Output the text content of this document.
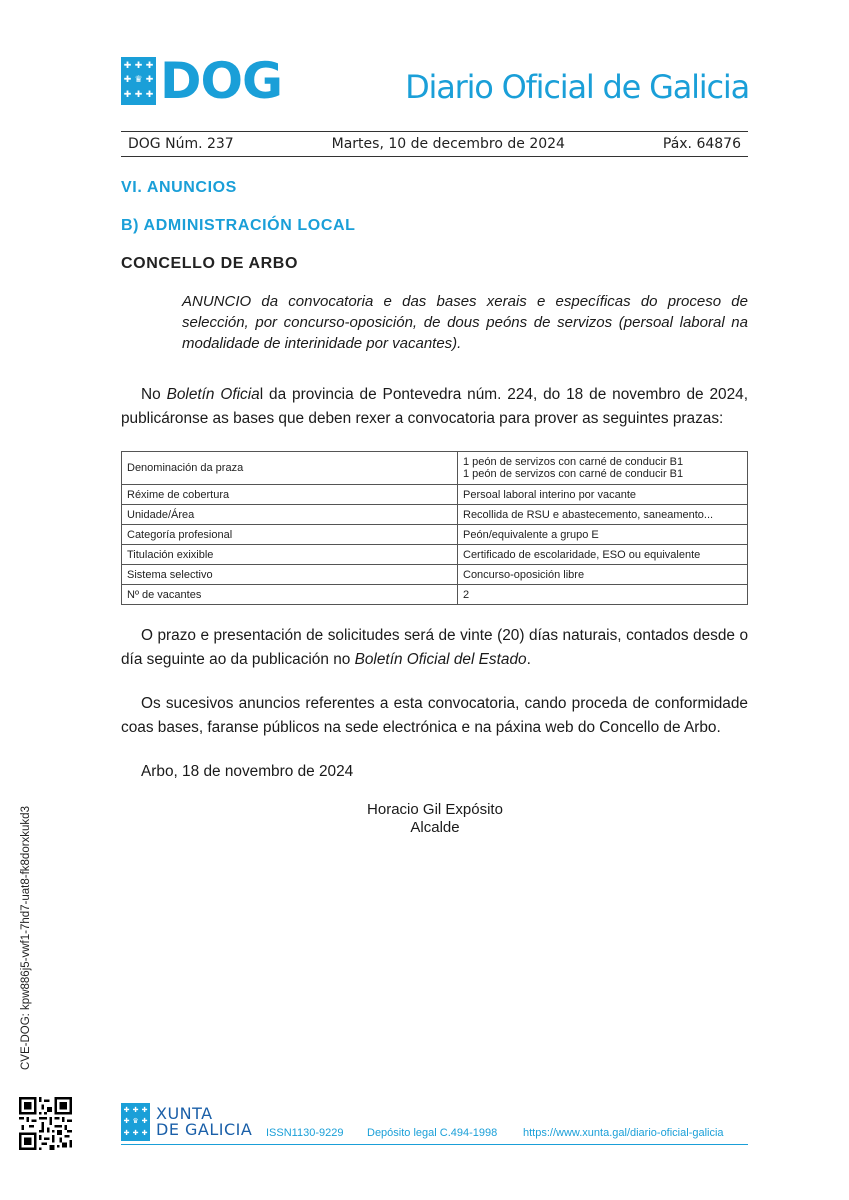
✚ ✚ ✚
✚ ♛ ✚
✚ ✚ ✚ DOG	Diario Oficial de Galicia
DOG Núm. 237	Martes, 10 de decembro de 2024	Páx. 64876
VI. ANUNCIOS
B) ADMINISTRACIÓN LOCAL
CONCELLO DE ARBO
ANUNCIO da convocatoria e das bases xerais e específicas do proceso de selección, por concurso-oposición, de dous peóns de servizos (persoal laboral na modalidade de interinidade por vacantes).
No Boletín Oficial da provincia de Pontevedra núm. 224, do 18 de novembro de 2024, publicáronse as bases que deben rexer a convocatoria para prover as seguintes prazas:
Denominación da praza	1 peón de servizos con carné de conducir B1
1 peón de servizos con carné de conducir B1

Réxime de cobertura	Persoal laboral interino por vacante
Unidade/Área	Recollida de RSU e abastecemento, saneamento...
Categoría profesional	Peón/equivalente a grupo E
Titulación exixible	Certificado de escolaridade, ESO ou equivalente
Sistema selectivo	Concurso-oposición libre
Nº de vacantes	2
O prazo e presentación de solicitudes será de vinte (20) días naturais, contados desde o día seguinte ao da publicación no Boletín Oficial del Estado.
Os sucesivos anuncios referentes a esta convocatoria, cando proceda de conformidade coas bases, faranse públicos na sede electrónica e na páxina web do Concello de Arbo.
Arbo, 18 de novembro de 2024
Horacio Gil Expósito
Alcalde
CVE-DOG: kpw886j5-vwf1-7hd7-uat8-fk8dorxkukd3
✚ ✚ ✚
✚ ♛ ✚
✚ ✚ ✚
XUNTA
DE GALICIA ISSN1130-9229 Depósito legal C.494-1998 https://www.xunta.gal/diario-oficial-galicia
